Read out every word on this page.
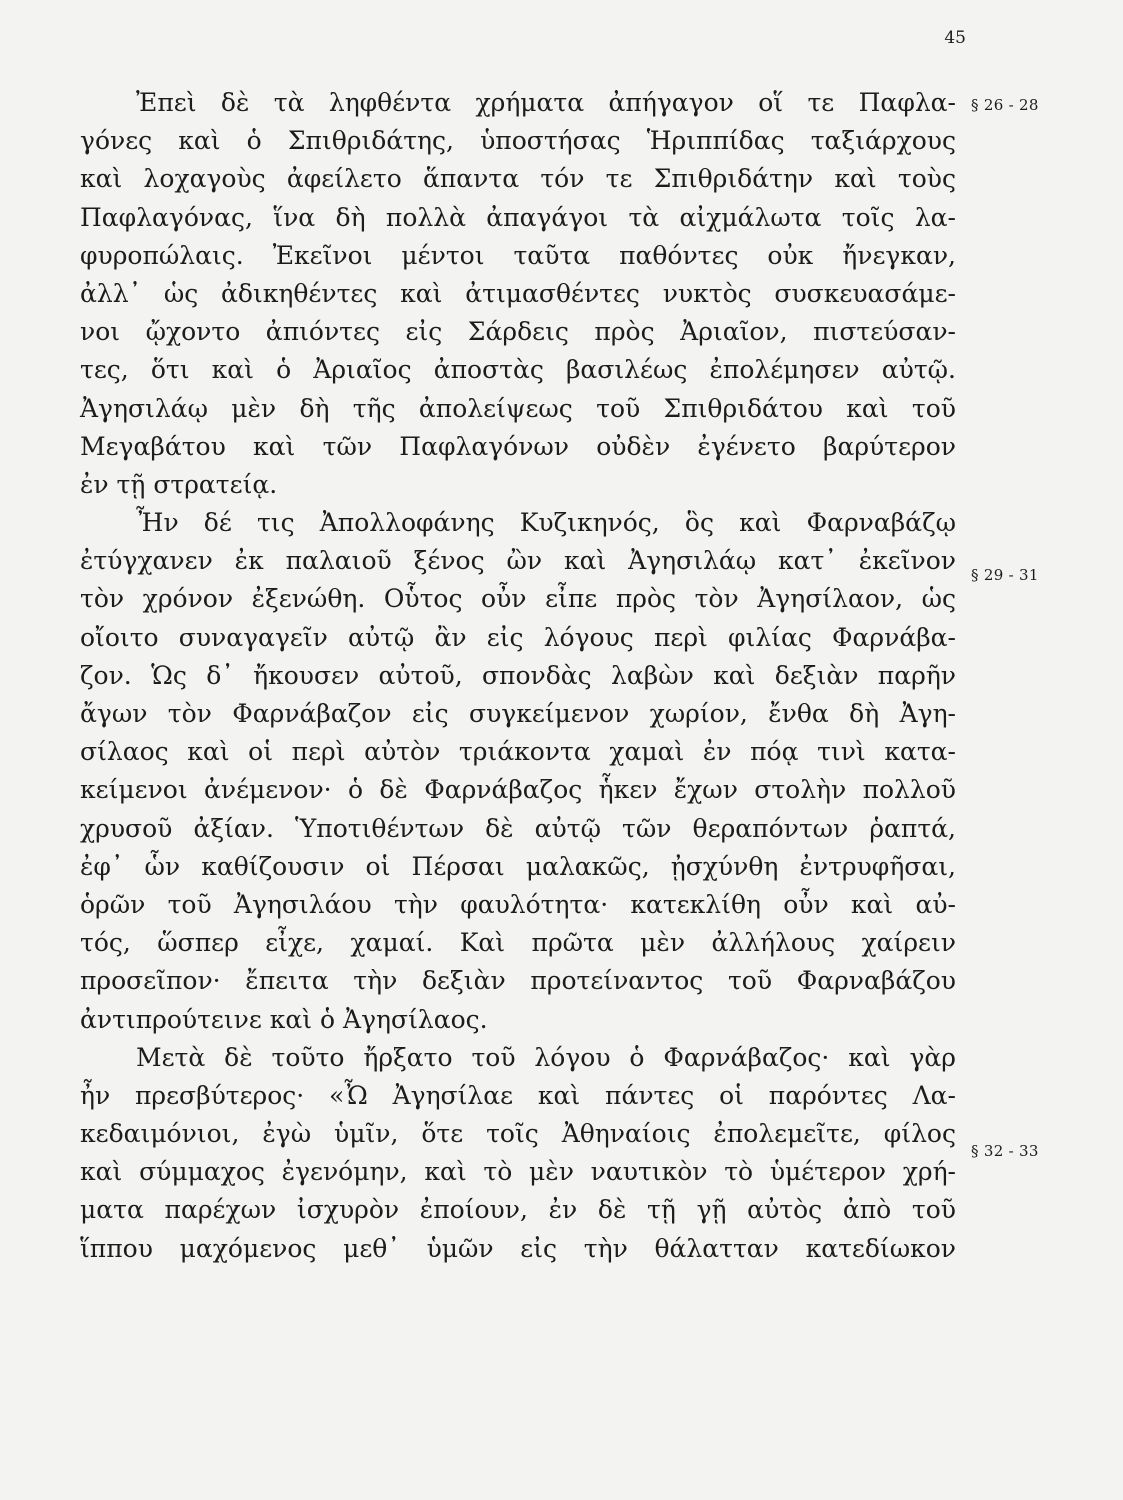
45
§ 26 - 28
§ 29 - 31
§ 32 - 33
Ἐπεὶ δὲ τὰ ληφθέντα χρήματα ἀπήγαγον οἵ τε Παφλα-
γόνες καὶ ὁ Σπιθριδάτης, ὑποστήσας Ἡριππίδας ταξιάρχους
καὶ λοχαγοὺς ἀφείλετο ἅπαντα τόν τε Σπιθριδάτην καὶ τοὺς
Παφλαγόνας, ἵνα δὴ πολλὰ ἀπαγάγοι τὰ αἰχμάλωτα τοῖς λα-
φυροπώλαις. Ἐκεῖνοι μέντοι ταῦτα παθόντες οὐκ ἤνεγκαν,
ἀλλ᾽ ὡς ἀδικηθέντες καὶ ἀτιμασθέντες νυκτὸς συσκευασάμε-
νοι ᾤχοντο ἀπιόντες εἰς Σάρδεις πρὸς Ἀριαῖον, πιστεύσαν-
τες, ὅτι καὶ ὁ Ἀριαῖος ἀποστὰς βασιλέως ἐπολέμησεν αὐτῷ.
Ἀγησιλάῳ μὲν δὴ τῆς ἀπολείψεως τοῦ Σπιθριδάτου καὶ τοῦ
Μεγαβάτου καὶ τῶν Παφλαγόνων οὐδὲν ἐγένετο βαρύτερον
ἐν τῇ στρατείᾳ.
Ἦν δέ τις Ἀπολλοφάνης Κυζικηνός, ὃς καὶ Φαρναβάζῳ
ἐτύγχανεν ἐκ παλαιοῦ ξένος ὢν καὶ Ἀγησιλάῳ κατ᾽ ἐκεῖνον
τὸν χρόνον ἐξενώθη. Οὗτος οὖν εἶπε πρὸς τὸν Ἀγησίλαον, ὡς
οἴοιτο συναγαγεῖν αὐτῷ ἂν εἰς λόγους περὶ φιλίας Φαρνάβα-
ζον. Ὡς δ᾽ ἤκουσεν αὐτοῦ, σπονδὰς λαβὼν καὶ δεξιὰν παρῆν
ἄγων τὸν Φαρνάβαζον εἰς συγκείμενον χωρίον, ἔνθα δὴ Ἀγη-
σίλαος καὶ οἱ περὶ αὐτὸν τριάκοντα χαμαὶ ἐν πόᾳ τινὶ κατα-
κείμενοι ἀνέμενον· ὁ δὲ Φαρνάβαζος ἧκεν ἔχων στολὴν πολλοῦ
χρυσοῦ ἀξίαν. Ὑποτιθέντων δὲ αὐτῷ τῶν θεραπόντων ῥαπτά,
ἐφ᾽ ὧν καθίζουσιν οἱ Πέρσαι μαλακῶς, ᾐσχύνθη ἐντρυφῆσαι,
ὁρῶν τοῦ Ἀγησιλάου τὴν φαυλότητα· κατεκλίθη οὖν καὶ αὐ-
τός, ὥσπερ εἶχε, χαμαί. Καὶ πρῶτα μὲν ἀλλήλους χαίρειν
προσεῖπον· ἔπειτα τὴν δεξιὰν προτείναντος τοῦ Φαρναβάζου
ἀντιπρούτεινε καὶ ὁ Ἀγησίλαος.
Μετὰ δὲ τοῦτο ἤρξατο τοῦ λόγου ὁ Φαρνάβαζος· καὶ γὰρ
ἦν πρεσβύτερος· «Ὦ Ἀγησίλαε καὶ πάντες οἱ παρόντες Λα-
κεδαιμόνιοι, ἐγὼ ὑμῖν, ὅτε τοῖς Ἀθηναίοις ἐπολεμεῖτε, φίλος
καὶ σύμμαχος ἐγενόμην, καὶ τὸ μὲν ναυτικὸν τὸ ὑμέτερον χρή-
ματα παρέχων ἰσχυρὸν ἐποίουν, ἐν δὲ τῇ γῇ αὐτὸς ἀπὸ τοῦ
ἵππου μαχόμενος μεθ᾽ ὑμῶν εἰς τὴν θάλατταν κατεδίωκον
